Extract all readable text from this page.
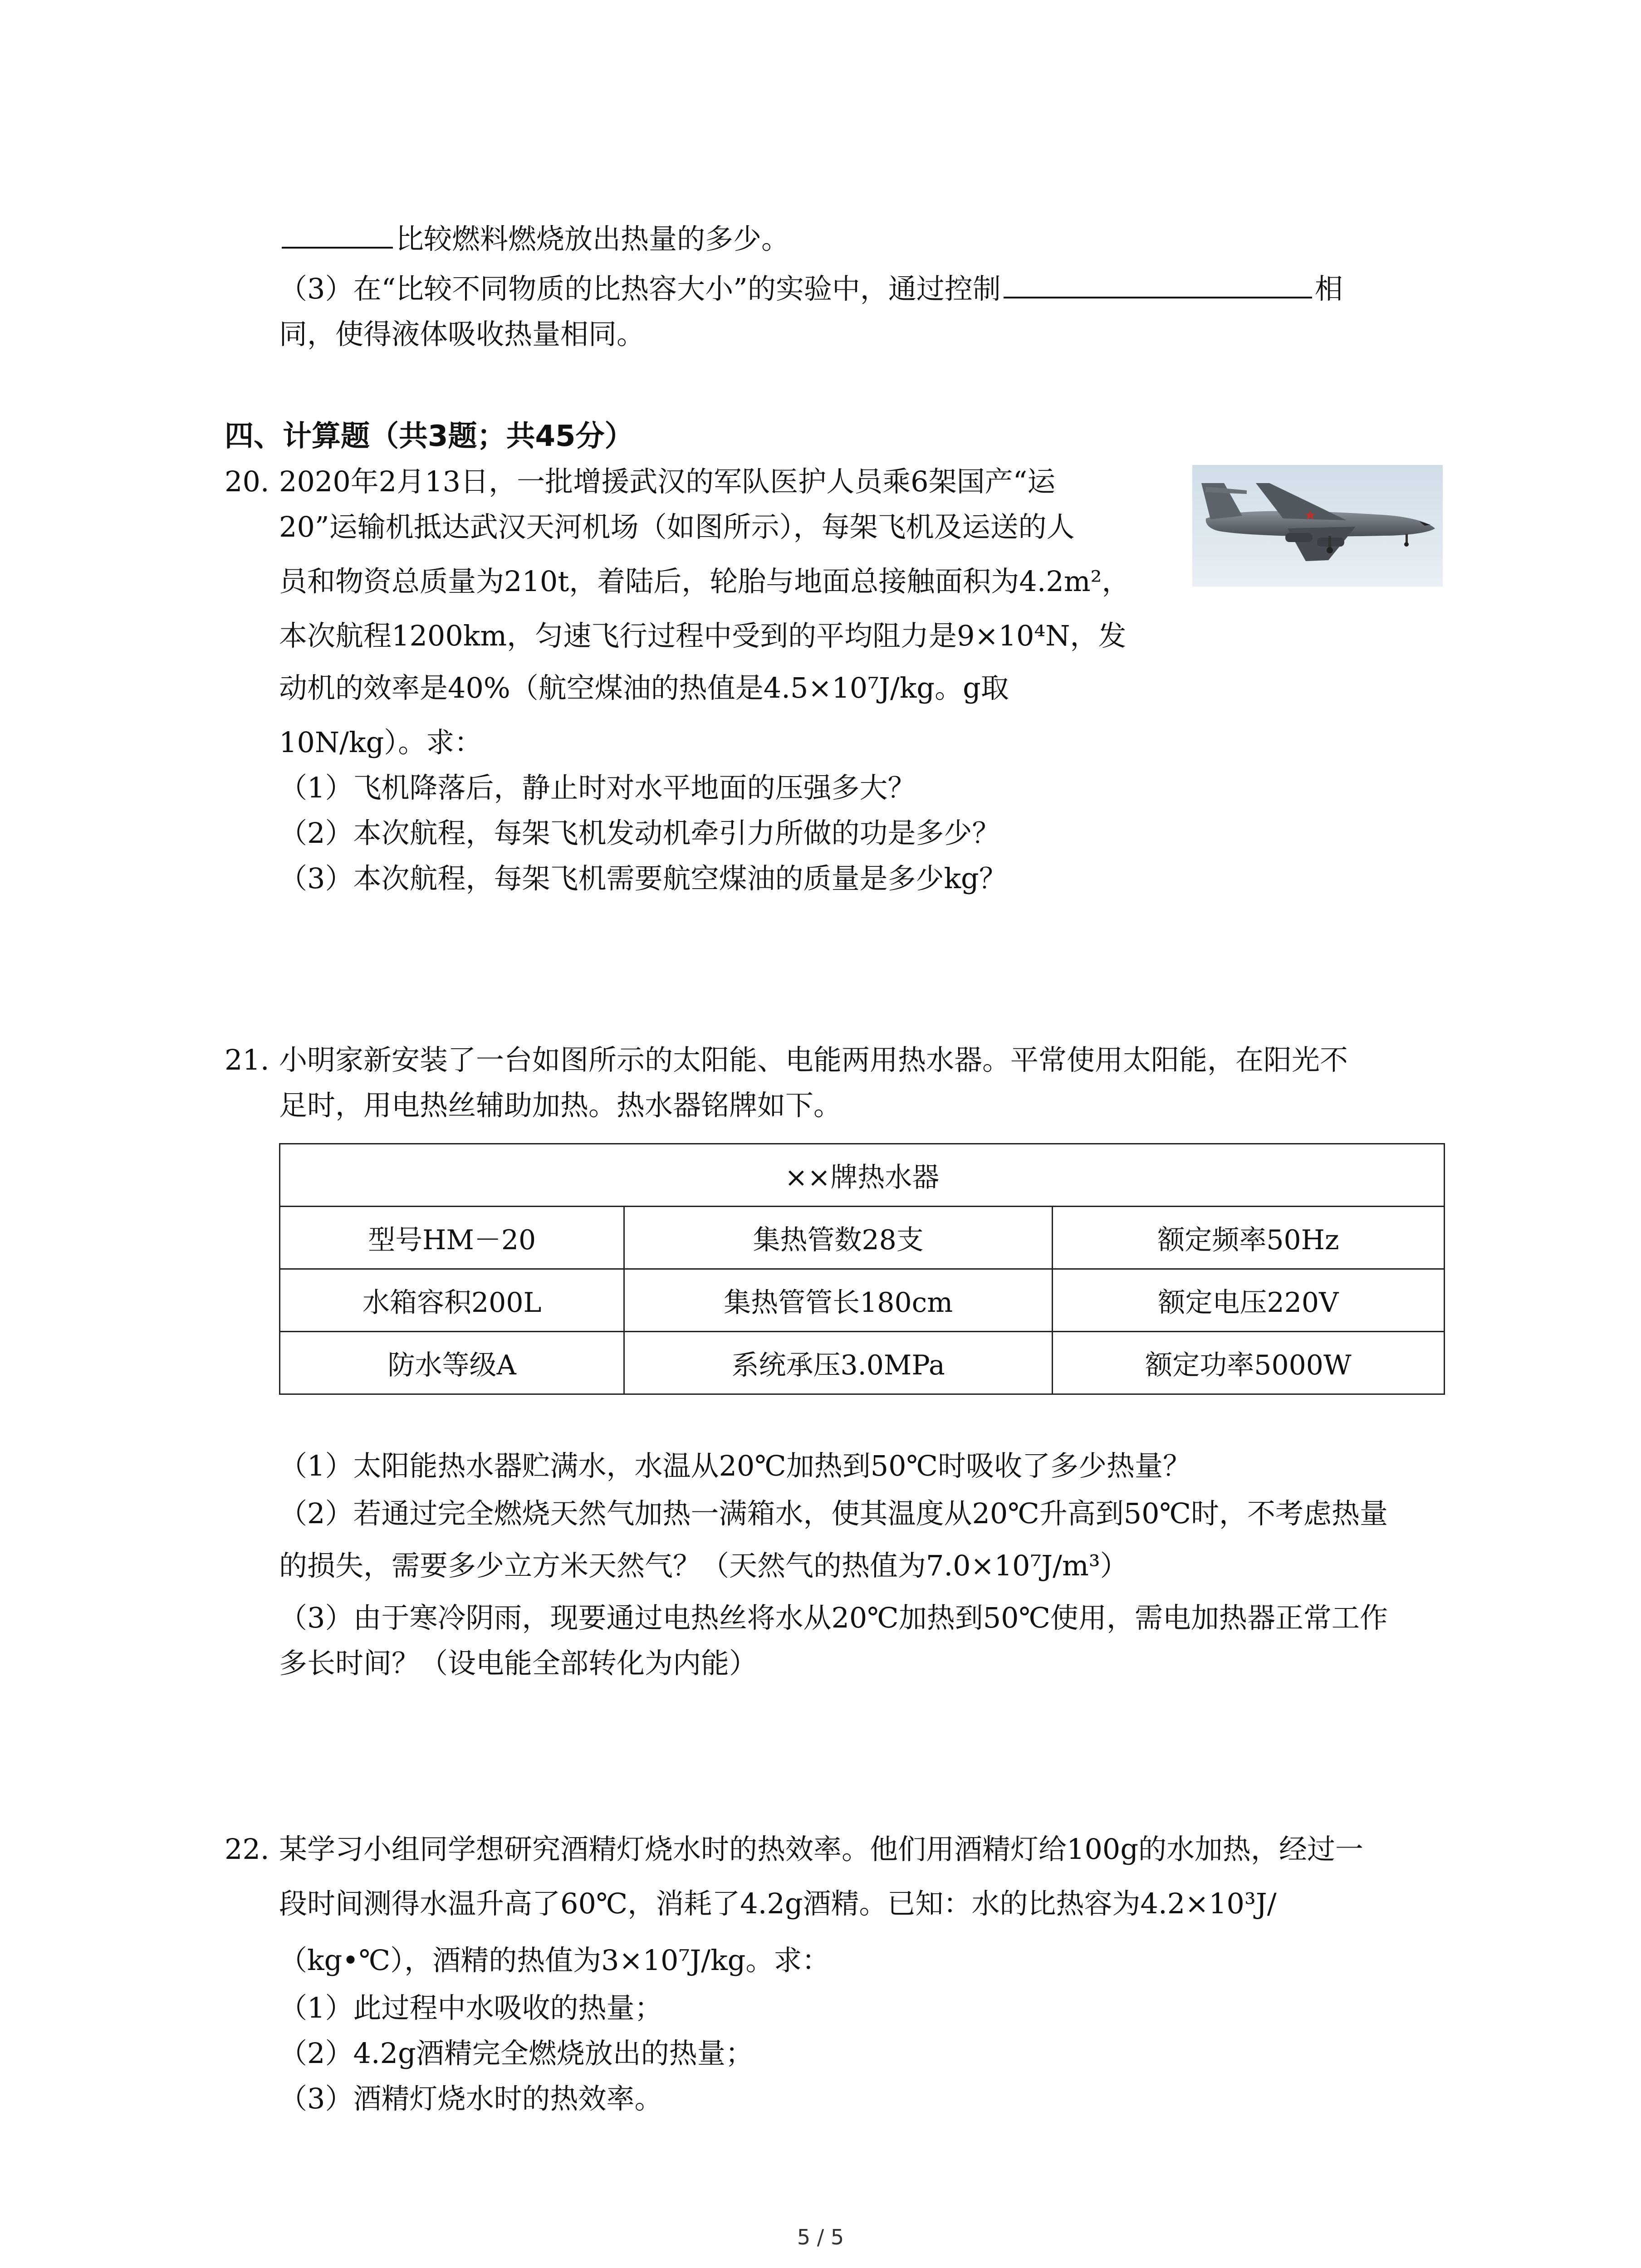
比较燃料燃烧放出热量的多少。
（3）在“比较不同物质的比热容大小”的实验中，通过控制	相
同，使得液体吸收热量相同。
四、计算题（共3题；共45分）
20. 2020年2月13日，一批增援武汉的军队医护人员乘6架国产“运
20”运输机抵达武汉天河机场（如图所示），每架飞机及运送的人
员和物资总质量为210t，着陆后，轮胎与地面总接触面积为4.2m²，
本次航程1200km，匀速飞行过程中受到的平均阻力是9×10⁴N，发
动机的效率是40%（航空煤油的热值是4.5×10⁷J/kg。g取
10N/kg）。求：
（1）飞机降落后，静止时对水平地面的压强多大？
（2）本次航程，每架飞机发动机牵引力所做的功是多少？
（3）本次航程，每架飞机需要航空煤油的质量是多少kg？
21. 小明家新安装了一台如图所示的太阳能、电能两用热水器。平常使用太阳能，在阳光不
足时，用电热丝辅助加热。热水器铭牌如下。
××牌热水器		
型号HM－20	集热管数28支	额定频率50Hz
水箱容积200L	集热管管长180cm	额定电压220V
防水等级A	系统承压3.0MPa	额定功率5000W
（1）太阳能热水器贮满水，水温从20℃加热到50℃时吸收了多少热量？
（2）若通过完全燃烧天然气加热一满箱水，使其温度从20℃升高到50℃时，不考虑热量
的损失，需要多少立方米天然气？（天然气的热值为7.0×10⁷J/m³）
（3）由于寒冷阴雨，现要通过电热丝将水从20℃加热到50℃使用，需电加热器正常工作
多长时间？（设电能全部转化为内能）
22. 某学习小组同学想研究酒精灯烧水时的热效率。他们用酒精灯给100g的水加热，经过一
段时间测得水温升高了60℃，消耗了4.2g酒精。已知：水的比热容为4.2×10³J/
（kg•℃），酒精的热值为3×10⁷J/kg。求：
（1）此过程中水吸收的热量；
（2）4.2g酒精完全燃烧放出的热量；
（3）酒精灯烧水时的热效率。
5 / 5
